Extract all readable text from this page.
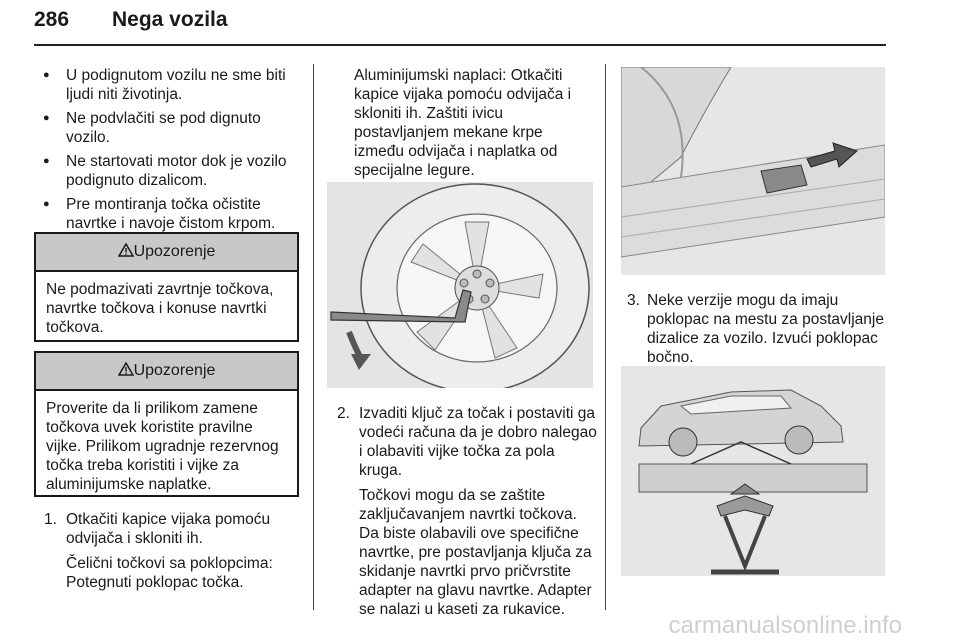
286 Nega vozila
● U podignutom vozilu ne sme biti ljudi niti životinja.
● Ne podvlačiti se pod dignuto vozilo.
● Ne startovati motor dok je vozilo podignuto dizalicom.
● Pre montiranja točka očistite navrtke i navoje čistom krpom.
Upozorenje
Ne podmazivati zavrtnje točkova, navrtke točkova i konuse navrtki točkova.
Upozorenje
Proverite da li prilikom zamene točkova uvek koristite pravilne vijke. Prilikom ugradnje rezervnog točka treba koristiti i vijke za aluminijumske naplatke.
1. Otkačiti kapice vijaka pomoću odvijača i skloniti ih.
Čelični točkovi sa poklopcima: Potegnuti poklopac točka.
Aluminijumski naplaci: Otkačiti kapice vijaka pomoću odvijača i skloniti ih. Zaštiti ivicu postavljanjem mekane krpe između odvijača i naplatka od specijalne legure.
2. Izvaditi ključ za točak i postaviti ga vodeći računa da je dobro nalegao i olabaviti vijke točka za pola kruga.
Točkovi mogu da se zaštite zaključavanjem navrtki točkova. Da biste olabavili ove specifične navrtke, pre postavljanja ključa za skidanje navrtki prvo pričvrstite adapter na glavu navrtke. Adapter se nalazi u kaseti za rukavice.
3. Neke verzije mogu da imaju poklopac na mestu za postavljanje dizalice za vozilo. Izvući poklopac bočno.
carmanualsonline.info
